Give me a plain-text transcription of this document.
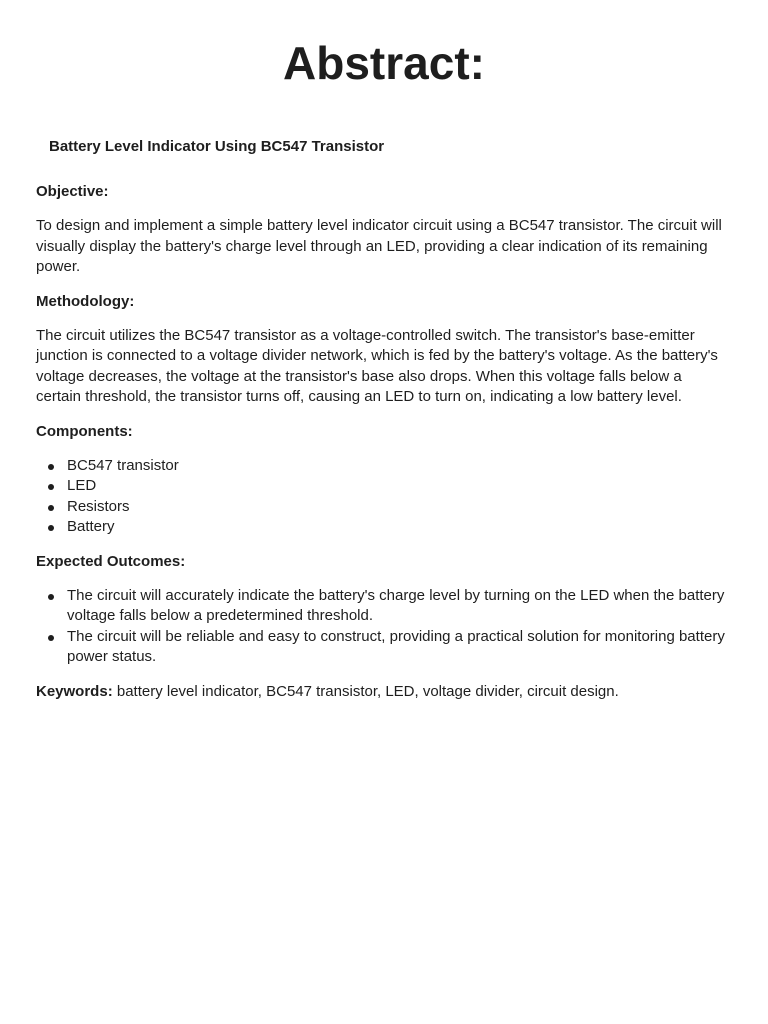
Abstract:

Battery Level Indicator Using BC547 Transistor

Objective:

To design and implement a simple battery level indicator circuit using a BC547 transistor. The circuit will visually display the battery's charge level through an LED, providing a clear indication of its remaining power.

Methodology:

The circuit utilizes the BC547 transistor as a voltage-controlled switch. The transistor's base-emitter junction is connected to a voltage divider network, which is fed by the battery's voltage. As the battery's voltage decreases, the voltage at the transistor's base also drops. When this voltage falls below a certain threshold, the transistor turns off, causing an LED to turn on, indicating a low battery level.

Components:

BC547 transistor
LED
Resistors
Battery

Expected Outcomes:

The circuit will accurately indicate the battery's charge level by turning on the LED when the battery voltage falls below a predetermined threshold.
The circuit will be reliable and easy to construct, providing a practical solution for monitoring battery power status.

Keywords: battery level indicator, BC547 transistor, LED, voltage divider, circuit design.
